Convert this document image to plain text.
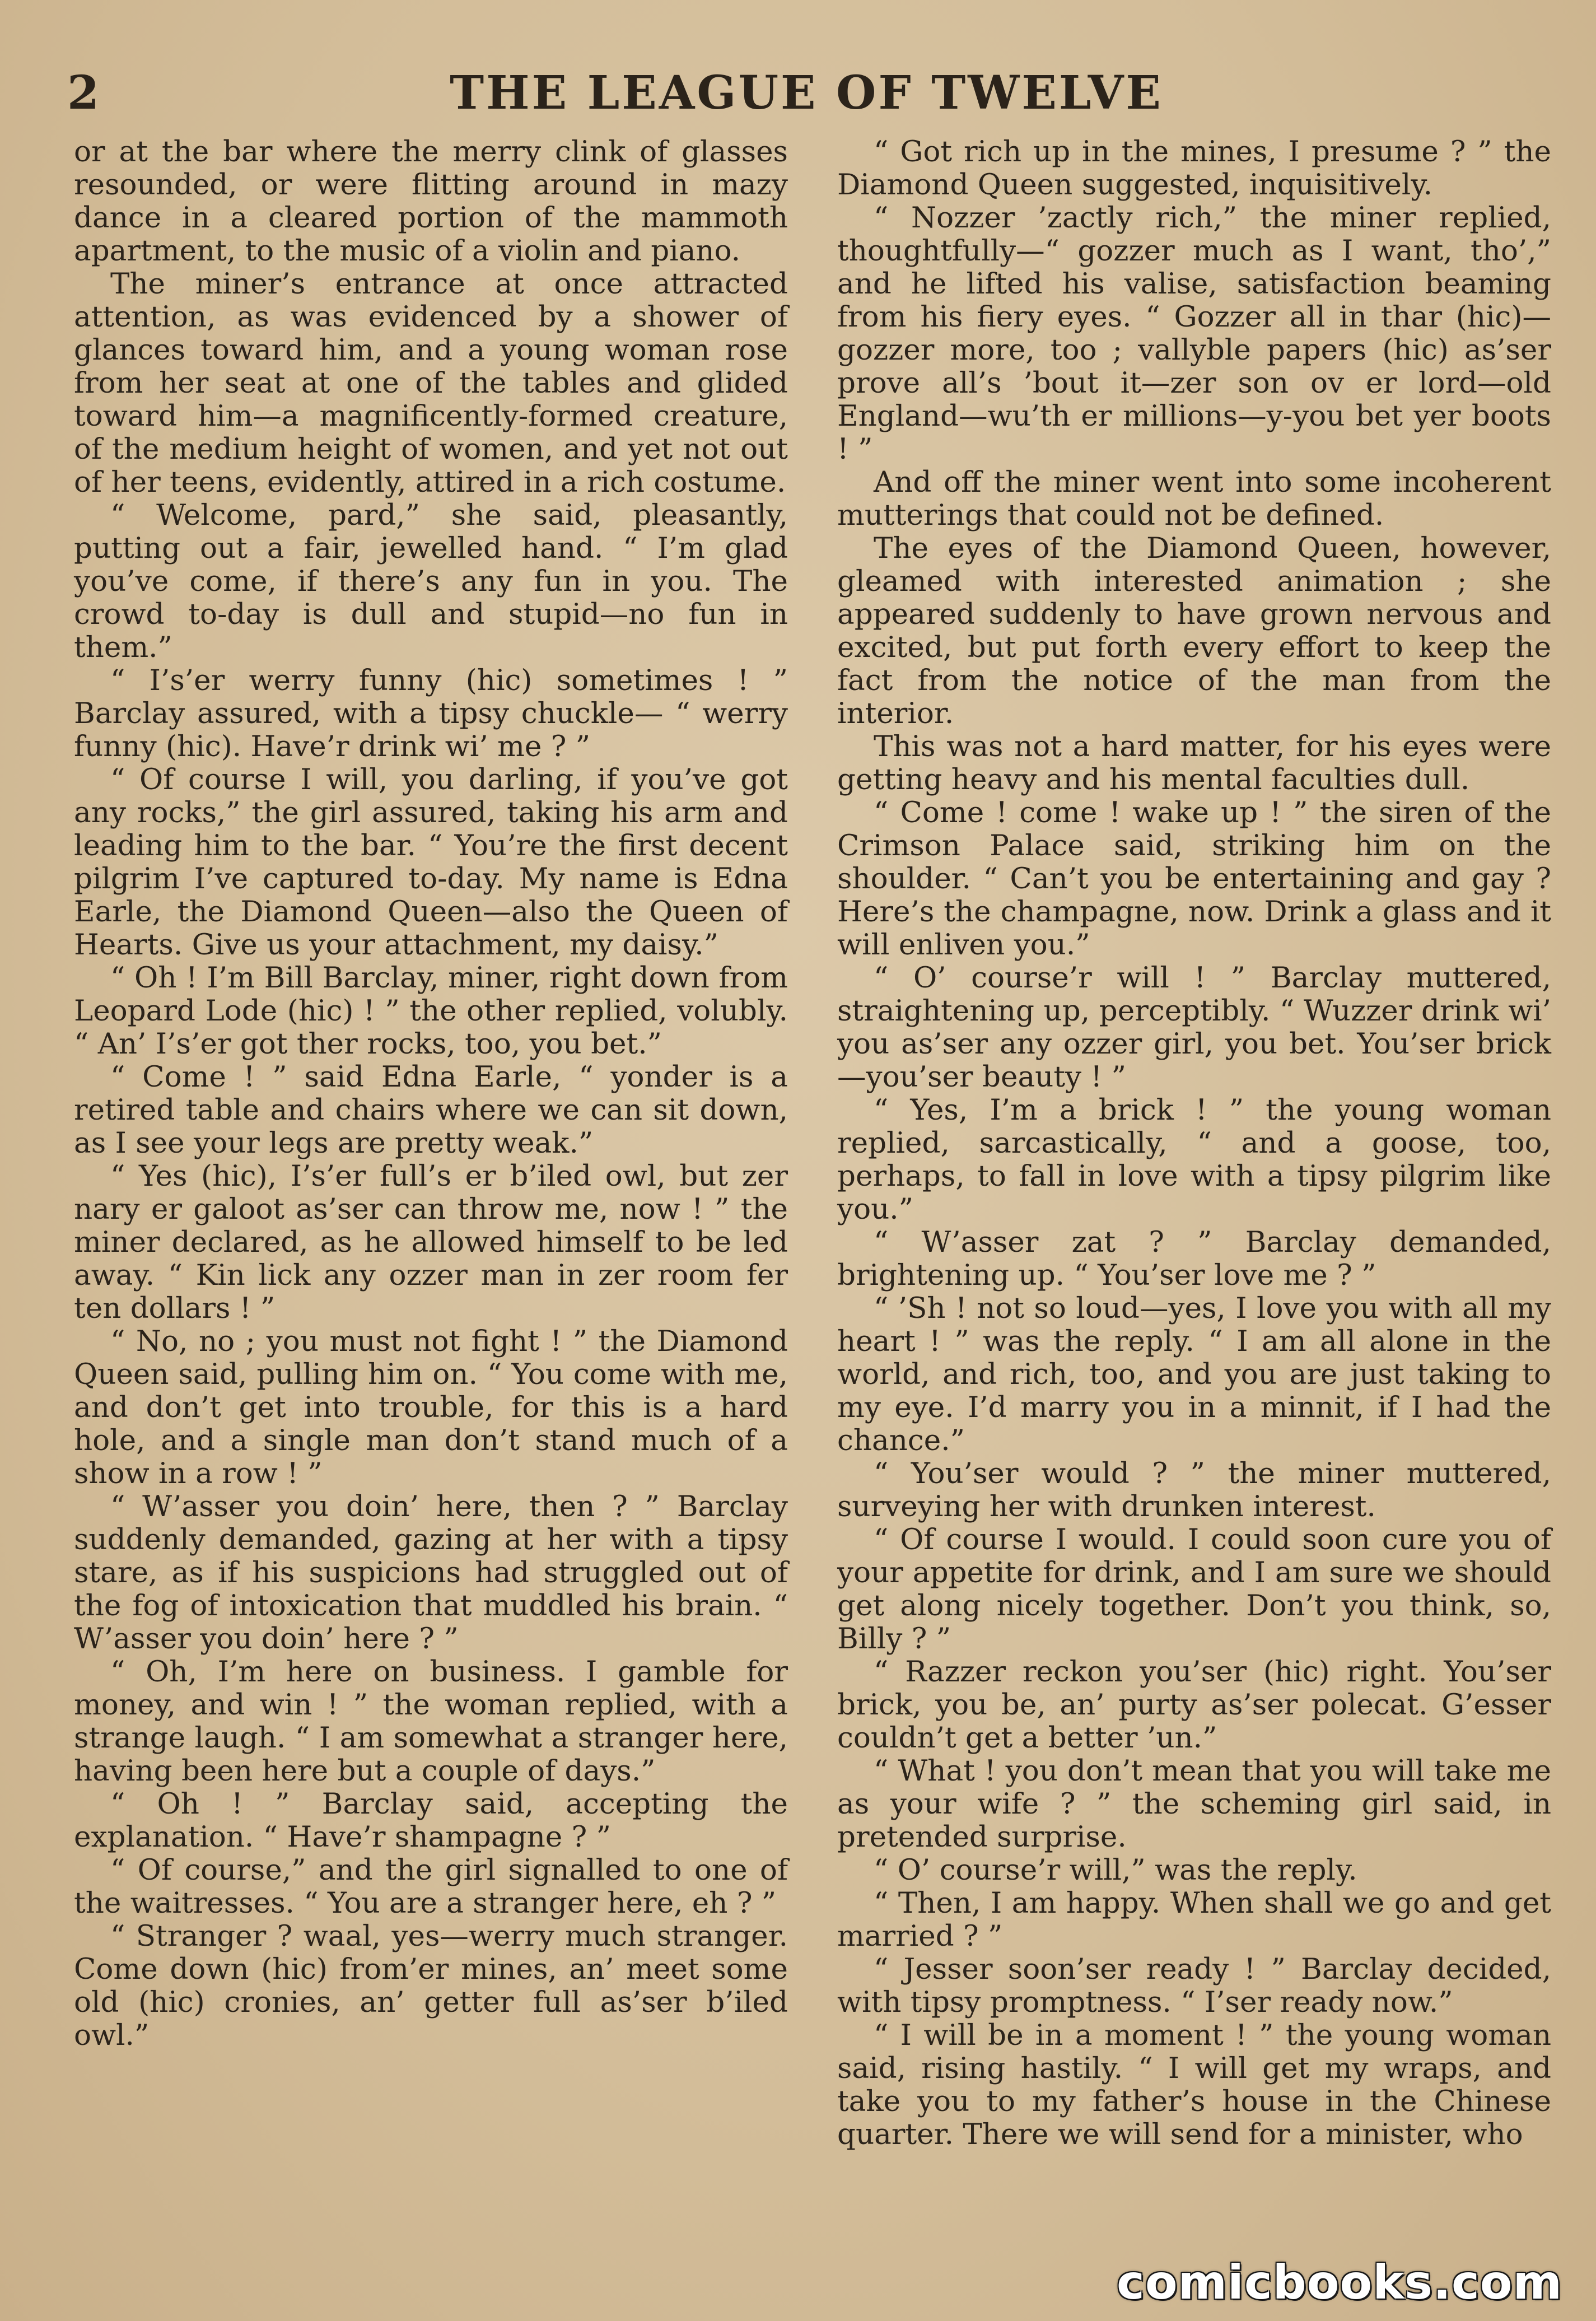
2	THE LEAGUE OF TWELVE

or at the bar where the merry clink of glasses resounded, or were flitting around in mazy dance in a cleared portion of the mammoth apartment, to the music of a violin and piano.

The miner’s entrance at once attracted attention, as was evidenced by a shower of glances toward him, and a young woman rose from her seat at one of the tables and glided toward him—a magnificently-formed creature, of the medium height of women, and yet not out of her teens, evidently, attired in a rich costume.

“ Welcome, pard,” she said, pleasantly, putting out a fair, jewelled hand. “ I’m glad you’ve come, if there’s any fun in you. The crowd to-day is dull and stupid—no fun in them.”

“ I’s’er werry funny (hic) sometimes ! ” Barclay assured, with a tipsy chuckle— “ werry funny (hic). Have’r drink wi’ me ? ”

“ Of course I will, you darling, if you’ve got any rocks,” the girl assured, taking his arm and leading him to the bar. “ You’re the first decent pilgrim I’ve captured to-day. My name is Edna Earle, the Diamond Queen—also the Queen of Hearts. Give us your attachment, my daisy.”

“ Oh ! I’m Bill Barclay, miner, right down from Leopard Lode (hic) ! ” the other replied, volubly. “ An’ I’s’er got ther rocks, too, you bet.”

“ Come ! ” said Edna Earle, “ yonder is a retired table and chairs where we can sit down, as I see your legs are pretty weak.”

“ Yes (hic), I’s’er full’s er b’iled owl, but zer nary er galoot as’ser can throw me, now ! ” the miner declared, as he allowed himself to be led away. “ Kin lick any ozzer man in zer room fer ten dollars ! ”

“ No, no ; you must not fight ! ” the Diamond Queen said, pulling him on. “ You come with me, and don’t get into trouble, for this is a hard hole, and a single man don’t stand much of a show in a row ! ”

“ W’asser you doin’ here, then ? ” Barclay suddenly demanded, gazing at her with a tipsy stare, as if his suspicions had struggled out of the fog of intoxication that muddled his brain. “ W’asser you doin’ here ? ”

“ Oh, I’m here on business. I gamble for money, and win ! ” the woman replied, with a strange laugh. “ I am somewhat a stranger here, having been here but a couple of days.”

“ Oh ! ” Barclay said, accepting the explanation. “ Have’r shampagne ? ”

“ Of course,” and the girl signalled to one of the waitresses. “ You are a stranger here, eh ? ”

“ Stranger ? waal, yes—werry much stranger. Come down (hic) from’er mines, an’ meet some old (hic) cronies, an’ getter full as’ser b’iled owl.”

“ Got rich up in the mines, I presume ? ” the Diamond Queen suggested, inquisitively.

“ Nozzer ’zactly rich,” the miner replied, thoughtfully—“ gozzer much as I want, tho’,” and he lifted his valise, satisfaction beaming from his fiery eyes. “ Gozzer all in thar (hic)—gozzer more, too ; vallyble papers (hic) as’ser prove all’s ’bout it—zer son ov er lord—old England—wu’th er millions—y-you bet yer boots ! ”

And off the miner went into some incoherent mutterings that could not be defined.

The eyes of the Diamond Queen, however, gleamed with interested animation ; she appeared suddenly to have grown nervous and excited, but put forth every effort to keep the fact from the notice of the man from the interior.

This was not a hard matter, for his eyes were getting heavy and his mental faculties dull.

“ Come ! come ! wake up ! ” the siren of the Crimson Palace said, striking him on the shoulder. “ Can’t you be entertaining and gay ? Here’s the champagne, now. Drink a glass and it will enliven you.”

“ O’ course’r will ! ” Barclay muttered, straightening up, perceptibly. “ Wuzzer drink wi’ you as’ser any ozzer girl, you bet. You’ser brick—you’ser beauty ! ”

“ Yes, I’m a brick ! ” the young woman replied, sarcastically, “ and a goose, too, perhaps, to fall in love with a tipsy pilgrim like you.”

“ W’asser zat ? ” Barclay demanded, brightening up. “ You’ser love me ? ”

“ ’Sh ! not so loud—yes, I love you with all my heart ! ” was the reply. “ I am all alone in the world, and rich, too, and you are just taking to my eye. I’d marry you in a minnit, if I had the chance.”

“ You’ser would ? ” the miner muttered, surveying her with drunken interest.

“ Of course I would. I could soon cure you of your appetite for drink, and I am sure we should get along nicely together. Don’t you think, so, Billy ? ”

“ Razzer reckon you’ser (hic) right. You’ser brick, you be, an’ purty as’ser polecat. G’esser couldn’t get a better ’un.”

“ What ! you don’t mean that you will take me as your wife ? ” the scheming girl said, in pretended surprise.

“ O’ course’r will,” was the reply.

“ Then, I am happy. When shall we go and get married ? ”

“ Jesser soon’ser ready ! ” Barclay decided, with tipsy promptness. “ I’ser ready now.”

“ I will be in a moment ! ” the young woman said, rising hastily. “ I will get my wraps, and take you to my father’s house in the Chinese quarter. There we will send for a minister, who

comicbooks.com
